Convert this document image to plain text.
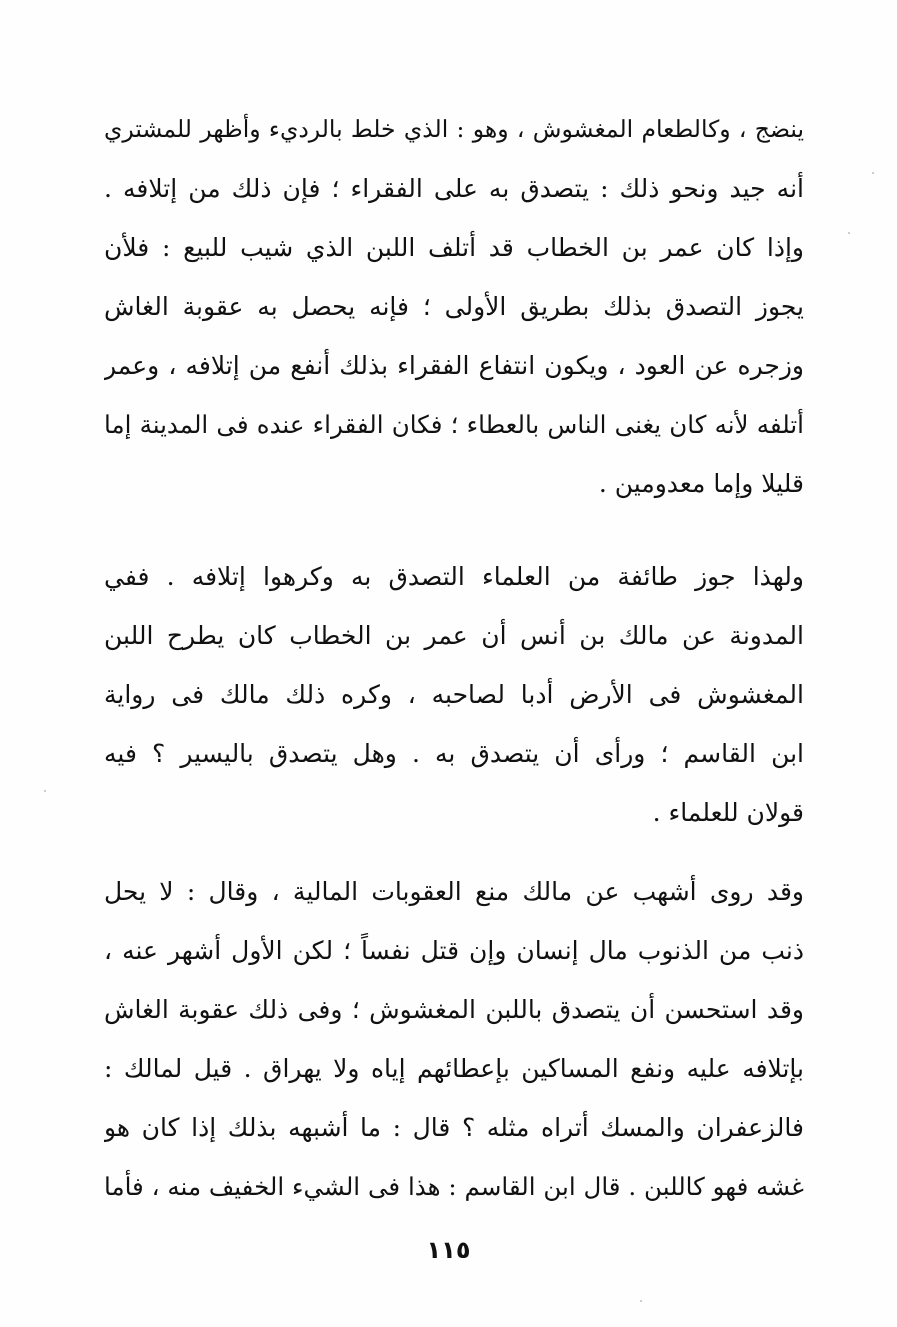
ينضج ، وكالطعام المغشوش ، وهو : الذي خلط بالرديء وأظهر للمشتري
أنه جيد ونحو ذلك : يتصدق به على الفقراء ؛ فإن ذلك من إتلافه .
وإذا كان عمر بن الخطاب قد أتلف اللبن الذي شيب للبيع : فلأن
يجوز التصدق بذلك بطريق الأولى ؛ فإنه يحصل به عقوبة الغاش
وزجره عن العود ، ويكون انتفاع الفقراء بذلك أنفع من إتلافه ، وعمر
أتلفه لأنه كان يغنى الناس بالعطاء ؛ فكان الفقراء عنده فى المدينة إما
قليلا وإما معدومين .
ولهذا جوز طائفة من العلماء التصدق به وكرهوا إتلافه . ففي
المدونة عن مالك بن أنس أن عمر بن الخطاب كان يطرح اللبن
المغشوش فى الأرض أدبا لصاحبه ، وكره ذلك مالك فى رواية
ابن القاسم ؛ ورأى أن يتصدق به . وهل يتصدق باليسير ؟ فيه
قولان للعلماء .
وقد روى أشهب عن مالك منع العقوبات المالية ، وقال : لا يحل
ذنب من الذنوب مال إنسان وإن قتل نفساً ؛ لكن الأول أشهر عنه ،
وقد استحسن أن يتصدق باللبن المغشوش ؛ وفى ذلك عقوبة الغاش
بإتلافه عليه ونفع المساكين بإعطائهم إياه ولا يهراق . قيل لمالك :
فالزعفران والمسك أتراه مثله ؟ قال : ما أشبهه بذلك إذا كان هو
غشه فهو كاللبن . قال ابن القاسم : هذا فى الشيء الخفيف منه ، فأما
١١٥
